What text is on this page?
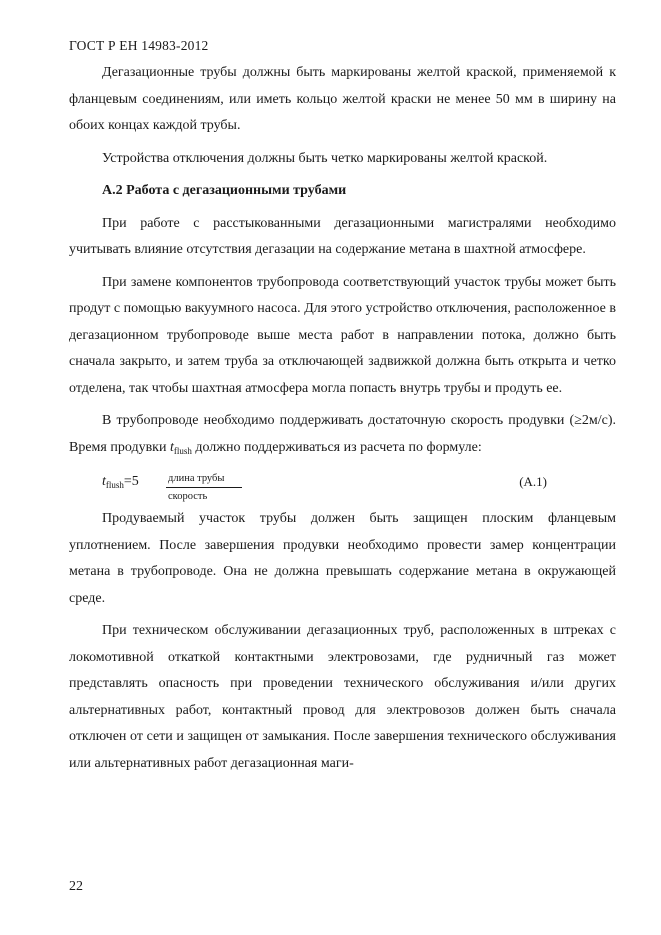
ГОСТ Р ЕН 14983-2012

Дегазационные трубы должны быть маркированы желтой краской, применяемой к фланцевым соединениям, или иметь кольцо желтой краски не менее 50 мм в ширину на обоих концах каждой трубы.

Устройства отключения должны быть четко маркированы желтой краской.

А.2 Работа с дегазационными трубами

При работе с расстыкованными дегазационными магистралями необходимо учитывать влияние отсутствия дегазации на содержание метана в шахтной атмосфере.

При замене компонентов трубопровода соответствующий участок трубы может быть продут с помощью вакуумного насоса. Для этого устройство отключения, расположенное в дегазационном трубопроводе выше места работ в направлении потока, должно быть сначала закрыто, и затем труба за отключающей задвижкой должна быть открыта и четко отделена, так чтобы шахтная атмосфера могла попасть внутрь трубы и продуть ее.

В трубопроводе необходимо поддерживать достаточную скорость продувки (≥2м/с). Время продувки $t_{flush}$ должно поддерживаться из расчета по формуле:

$t_{flush}=5$	длина трубы
скорость
(A.1)

Продуваемый участок трубы должен быть защищен плоским фланцевым уплотнением. После завершения продувки необходимо провести замер концентрации метана в трубопроводе. Она не должна превышать содержание метана в окружающей среде.

При техническом обслуживании дегазационных труб, расположенных в штреках с локомотивной откаткой контактными электровозами, где рудничный газ может представлять опасность при проведении технического обслуживания и/или других альтернативных работ, контактный провод для электровозов должен быть сначала отключен от сети и защищен от замыкания. После завершения технического обслуживания или альтернативных работ дегазационная маги-

22
